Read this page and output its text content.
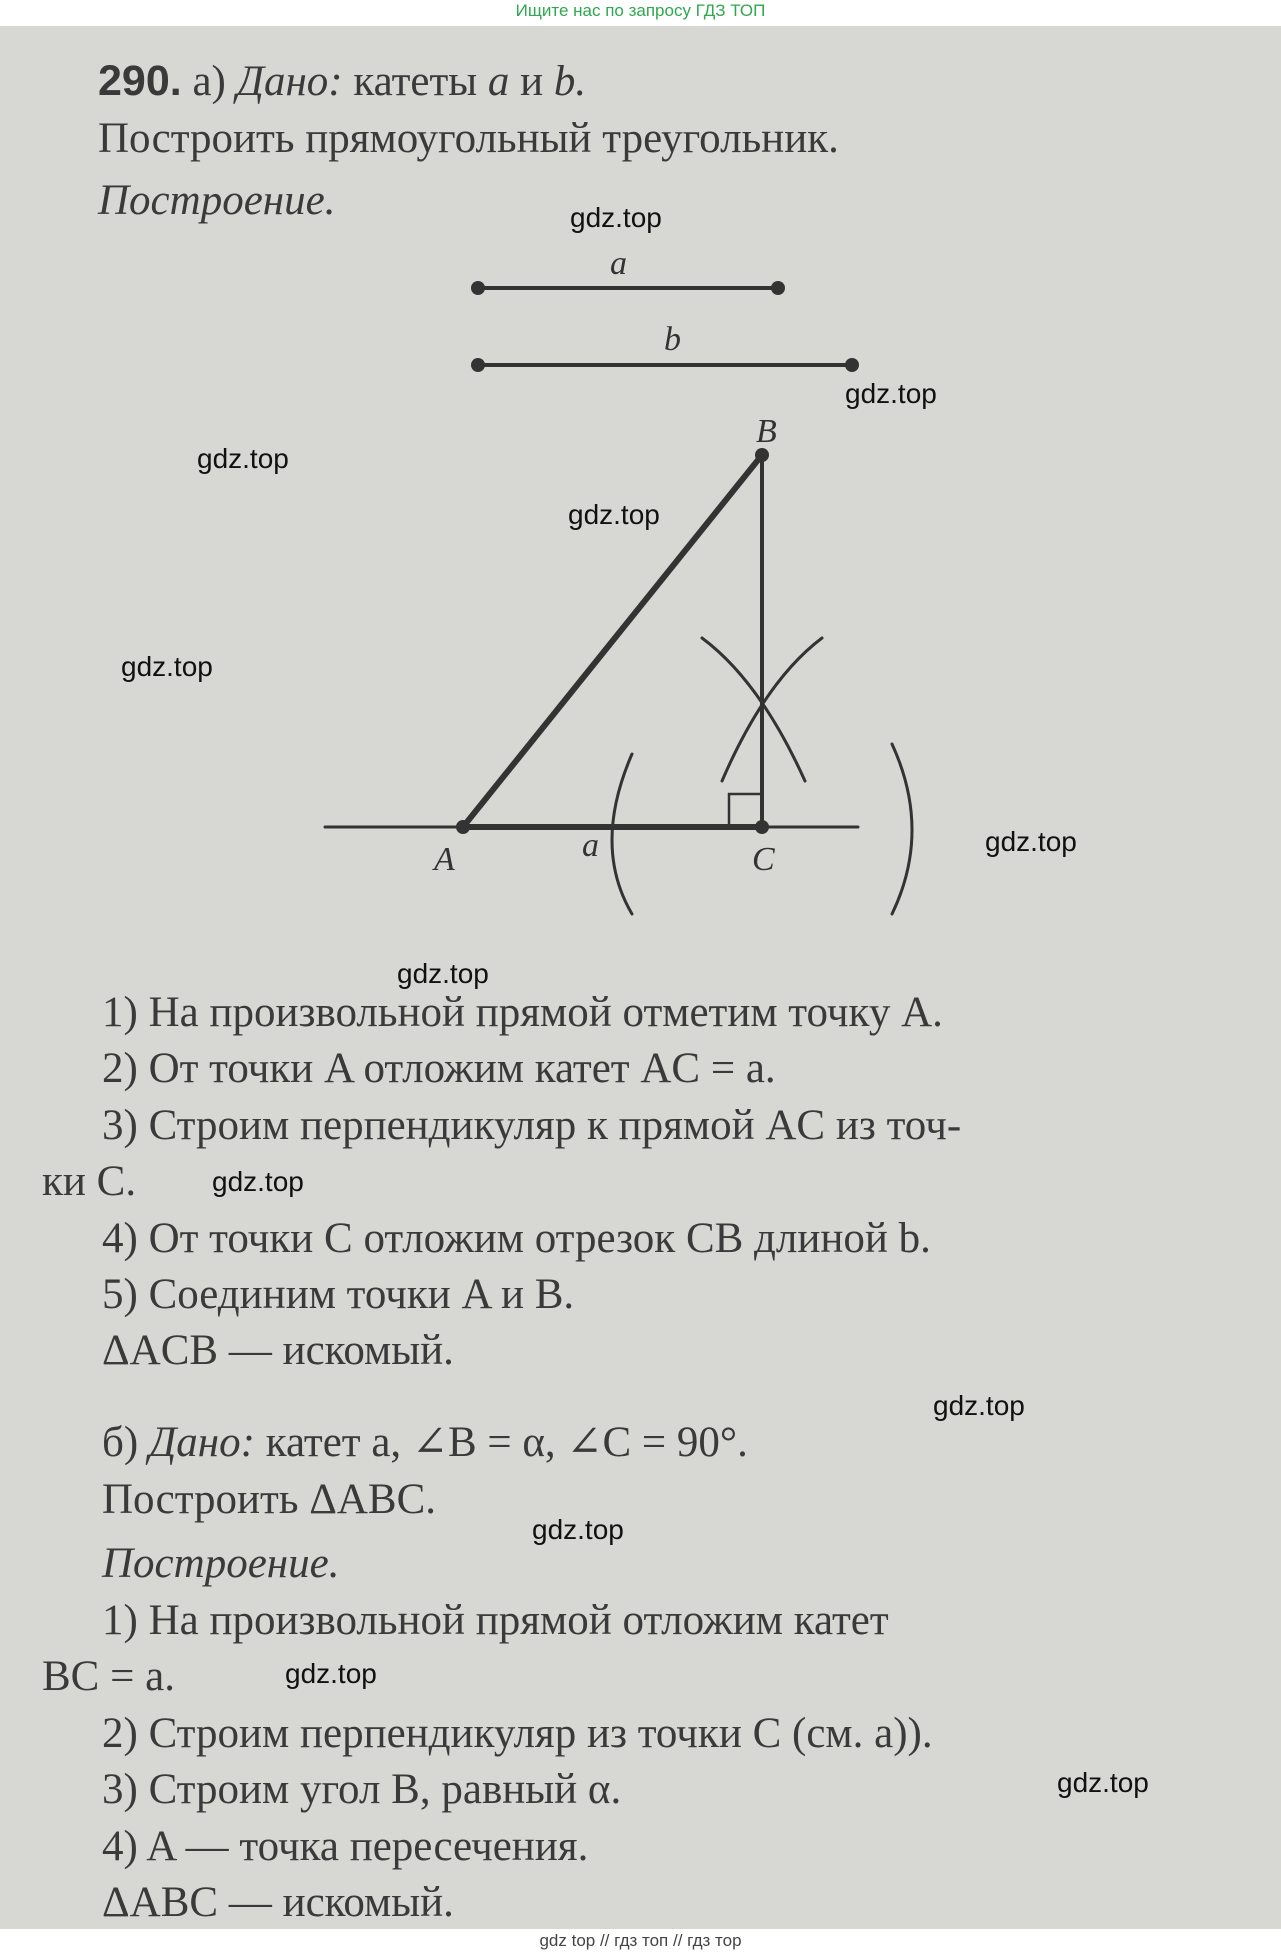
Ищите нас по запросу ГДЗ ТОП
290. а) Дано: катеты a и b.
Построить прямоугольный треугольник.
Построение.
a
b
B
A	C
a
1) На произвольной прямой отметим точку A.
2) От точки A отложим катет AC = a.
3) Строим перпендикуляр к прямой AC из точ-
ки C.
4) От точки C отложим отрезок CB длиной b.
5) Соединим точки A и B.
ΔACB — искомый.
б) Дано: катет a, ∠B = α, ∠C = 90°.
Построить ΔABC.
Построение.
1) На произвольной прямой отложим катет
BC = a.
2) Строим перпендикуляр из точки C (см. а)).
3) Строим угол B, равный α.
4) A — точка пересечения.
ΔABC — искомый.
gdz.top
gdz.top
gdz.top
gdz.top
gdz.top
gdz.top
gdz.top
gdz.top
gdz.top
gdz.top
gdz.top
gdz.top
gdz top // гдз топ // гдз тор
